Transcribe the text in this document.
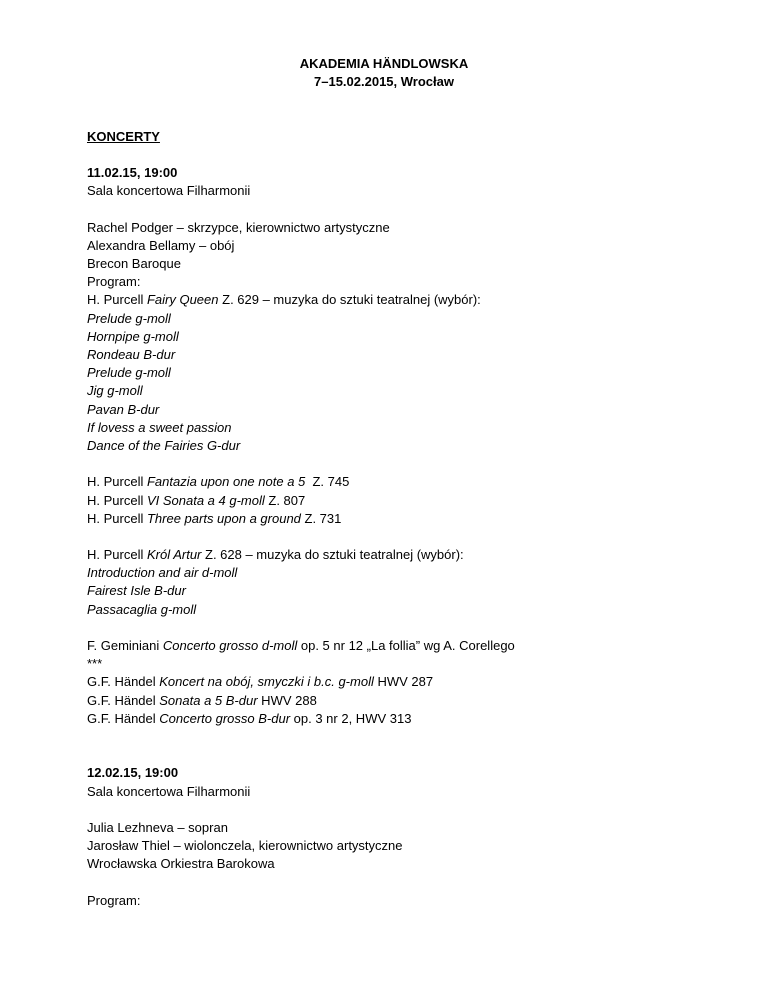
AKADEMIA HÄNDLOWSKA
7–15.02.2015, Wrocław
KONCERTY
11.02.15, 19:00
Sala koncertowa Filharmonii
Rachel Podger – skrzypce, kierownictwo artystyczne
Alexandra Bellamy – obój
Brecon Baroque
Program:
H. Purcell Fairy Queen Z. 629 – muzyka do sztuki teatralnej (wybór):
Prelude g-moll
Hornpipe g-moll
Rondeau B-dur
Prelude g-moll
Jig g-moll
Pavan B-dur
If lovess a sweet passion
Dance of the Fairies G-dur
H. Purcell Fantazia upon one note a 5  Z. 745
H. Purcell VI Sonata a 4 g-moll Z. 807
H. Purcell Three parts upon a ground Z. 731
H. Purcell Król Artur Z. 628 – muzyka do sztuki teatralnej (wybór):
Introduction and air d-moll
Fairest Isle B-dur
Passacaglia g-moll
F. Geminiani Concerto grosso d-moll op. 5 nr 12 „La follia” wg A. Corellego
***
G.F. Händel Koncert na obój, smyczki i b.c. g-moll HWV 287
G.F. Händel Sonata a 5 B-dur HWV 288
G.F. Händel Concerto grosso B-dur op. 3 nr 2, HWV 313
12.02.15, 19:00
Sala koncertowa Filharmonii
Julia Lezhneva – sopran
Jarosław Thiel – wiolonczela, kierownictwo artystyczne
Wrocławska Orkiestra Barokowa
Program:
